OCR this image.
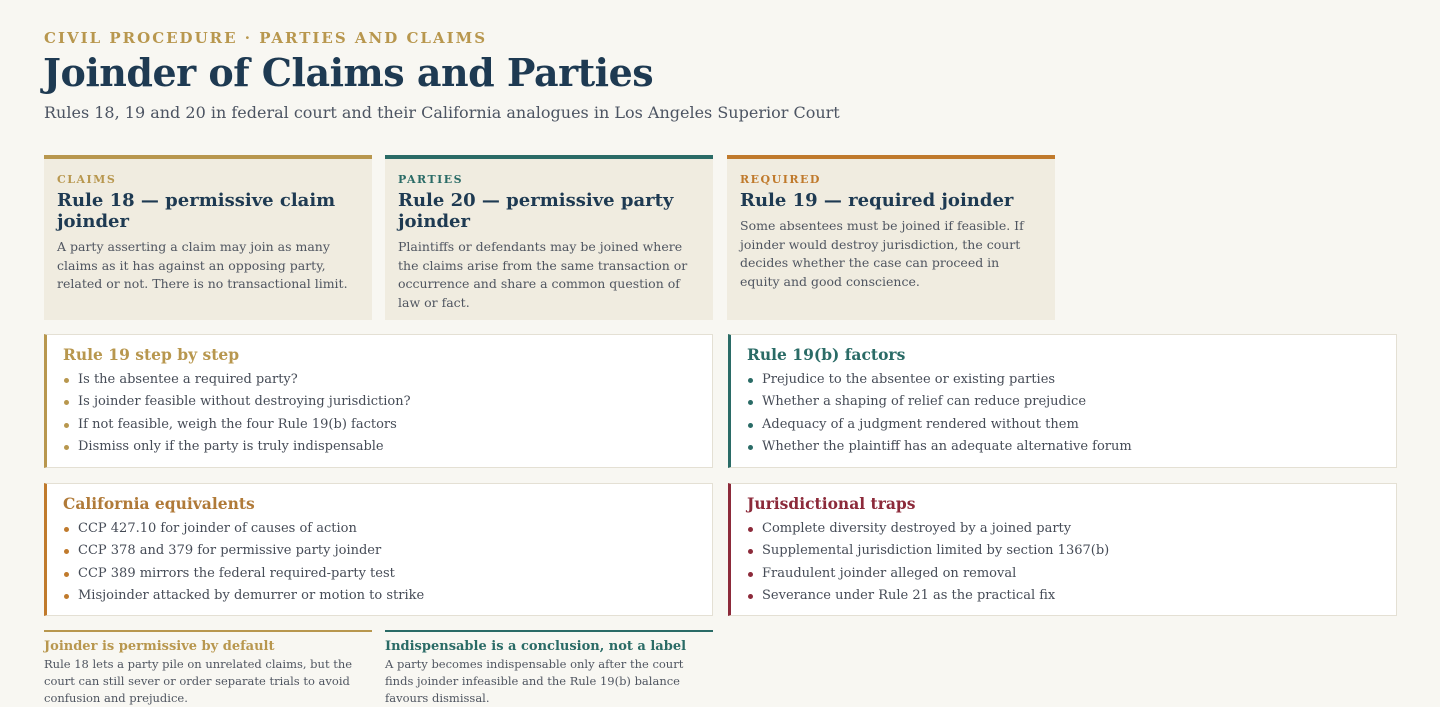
CIVIL PROCEDURE · PARTIES AND CLAIMS
Joinder of Claims and Parties
Rules 18, 19 and 20 in federal court and their California analogues in Los Angeles Superior Court
CLAIMS
Rule 18 — permissive claim joinder
A party asserting a claim may join as many claims as it has against an opposing party, related or not. There is no transactional limit.
PARTIES
Rule 20 — permissive party joinder
Plaintiffs or defendants may be joined where the claims arise from the same transaction or occurrence and share a common question of law or fact.
REQUIRED
Rule 19 — required joinder
Some absentees must be joined if feasible. If joinder would destroy jurisdiction, the court decides whether the case can proceed in equity and good conscience.
Rule 19 step by step
Is the absentee a required party?
Is joinder feasible without destroying jurisdiction?
If not feasible, weigh the four Rule 19(b) factors
Dismiss only if the party is truly indispensable
Rule 19(b) factors
Prejudice to the absentee or existing parties
Whether a shaping of relief can reduce prejudice
Adequacy of a judgment rendered without them
Whether the plaintiff has an adequate alternative forum
California equivalents
CCP 427.10 for joinder of causes of action
CCP 378 and 379 for permissive party joinder
CCP 389 mirrors the federal required-party test
Misjoinder attacked by demurrer or motion to strike
Jurisdictional traps
Complete diversity destroyed by a joined party
Supplemental jurisdiction limited by section 1367(b)
Fraudulent joinder alleged on removal
Severance under Rule 21 as the practical fix
Joinder is permissive by default
Rule 18 lets a party pile on unrelated claims, but the court can still sever or order separate trials to avoid confusion and prejudice.
Indispensable is a conclusion, not a label
A party becomes indispensable only after the court finds joinder infeasible and the Rule 19(b) balance favours dismissal.
